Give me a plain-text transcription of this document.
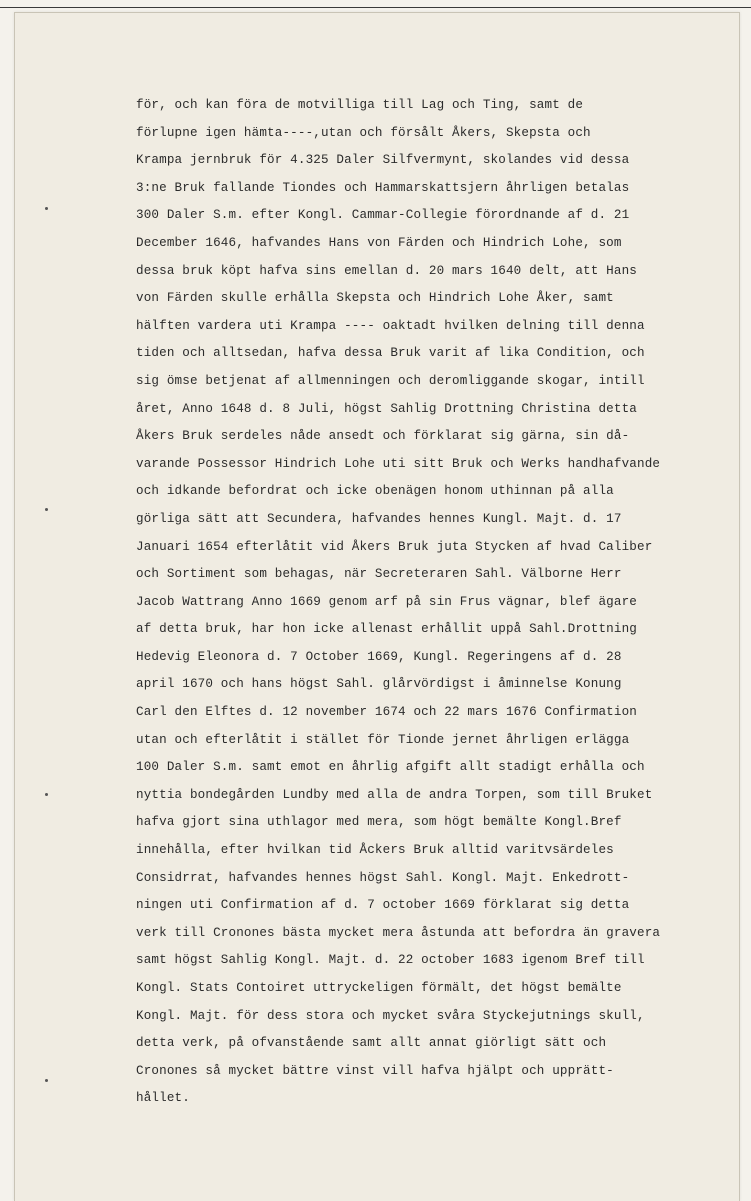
för, och kan föra de motvilliga till Lag och Ting, samt de
förlupne igen hämta----,utan och försålt Åkers, Skepsta och
Krampa jernbruk för 4.325 Daler Silfvermynt, skolandes vid dessa
3:ne Bruk fallande Tiondes och Hammarskattsjern åhrligen betalas
300 Daler S.m. efter Kongl. Cammar-Collegie förordnande af d. 21
December 1646, hafvandes Hans von Färden och Hindrich Lohe, som
dessa bruk köpt hafva sins emellan d. 20 mars 1640 delt, att Hans
von Färden skulle erhålla Skepsta och Hindrich Lohe Åker, samt
hälften vardera uti Krampa ---- oaktadt hvilken delning till denna
tiden och alltsedan, hafva dessa Bruk varit af lika Condition, och
sig ömse betjenat af allmenningen och deromliggande skogar, intill
året, Anno 1648 d. 8 Juli, högst Sahlig Drottning Christina detta
Åkers Bruk serdeles nåde ansedt och förklarat sig gärna, sin då-
varande Possessor Hindrich Lohe uti sitt Bruk och Werks handhafvande
och idkande befordrat och icke obenägen honom uthinnan på alla
görliga sätt att Secundera, hafvandes hennes Kungl. Majt. d. 17
Januari 1654 efterlåtit vid Åkers Bruk juta Stycken af hvad Caliber
och Sortiment som behagas, när Secreteraren Sahl. Välborne Herr
Jacob Wattrang Anno 1669 genom arf på sin Frus vägnar, blef ägare
af detta bruk, har hon icke allenast erhållit uppå Sahl.Drottning
Hedevig Eleonora d. 7 October 1669, Kungl. Regeringens af d. 28
april 1670 och hans högst Sahl. glårvördigst i åminnelse Konung
Carl den Elftes d. 12 november 1674 och 22 mars 1676 Confirmation
utan och efterlåtit i stället för Tionde jernet åhrligen erlägga
100 Daler S.m. samt emot en åhrlig afgift allt stadigt erhålla och
nyttia bondegården Lundby med alla de andra Torpen, som till Bruket
hafva gjort sina uthlagor med mera, som högt bemälte Kongl.Bref
innehålla, efter hvilkan tid Åckers Bruk alltid varitvsärdeles
Considrrat, hafvandes hennes högst Sahl. Kongl. Majt. Enkedrott-
ningen uti Confirmation af d. 7 october 1669 förklarat sig detta
verk till Cronones bästa mycket mera åstunda att befordra än gravera
samt högst Sahlig Kongl. Majt. d. 22 october 1683 igenom Bref till
Kongl. Stats Contoiret uttryckeligen förmält, det högst bemälte
Kongl. Majt. för dess stora och mycket svåra Styckejutnings skull,
detta verk, på ofvanstående samt allt annat giörligt sätt och
Cronones så mycket bättre vinst vill hafva hjälpt och upprätt-
hållet.
